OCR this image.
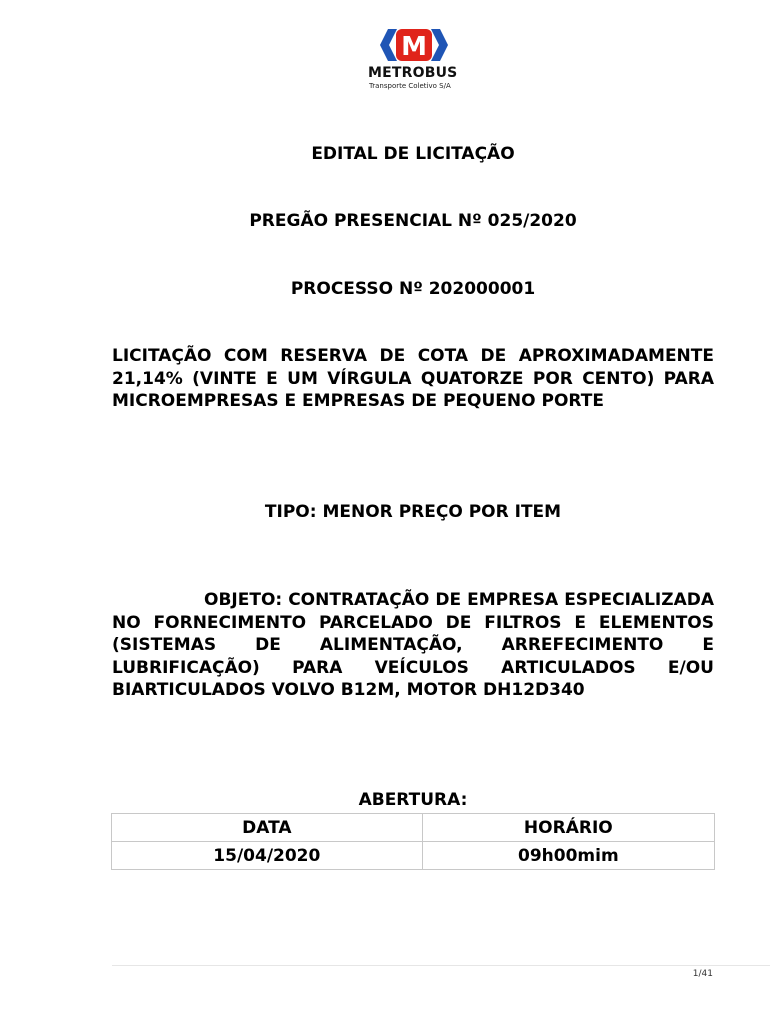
M
METROBUS
Transporte Coletivo S/A
EDITAL DE LICITAÇÃO
PREGÃO PRESENCIAL Nº 025/2020
PROCESSO Nº 202000001
LICITAÇÃO COM RESERVA DE COTA DE APROXIMADAMENTE 21,14% (VINTE E UM VÍRGULA QUATORZE POR CENTO) PARA MICROEMPRESAS E EMPRESAS DE PEQUENO PORTE
TIPO: MENOR PREÇO POR ITEM
OBJETO: CONTRATAÇÃO DE EMPRESA ESPECIALIZADA NO FORNECIMENTO PARCELADO DE FILTROS E ELEMENTOS (SISTEMAS DE ALIMENTAÇÃO, ARREFECIMENTO E LUBRIFICAÇÃO) PARA VEÍCULOS ARTICULADOS E/OU BIARTICULADOS VOLVO B12M, MOTOR DH12D340
ABERTURA:
DATA	HORÁRIO
15/04/2020	09h00mim
1/41
